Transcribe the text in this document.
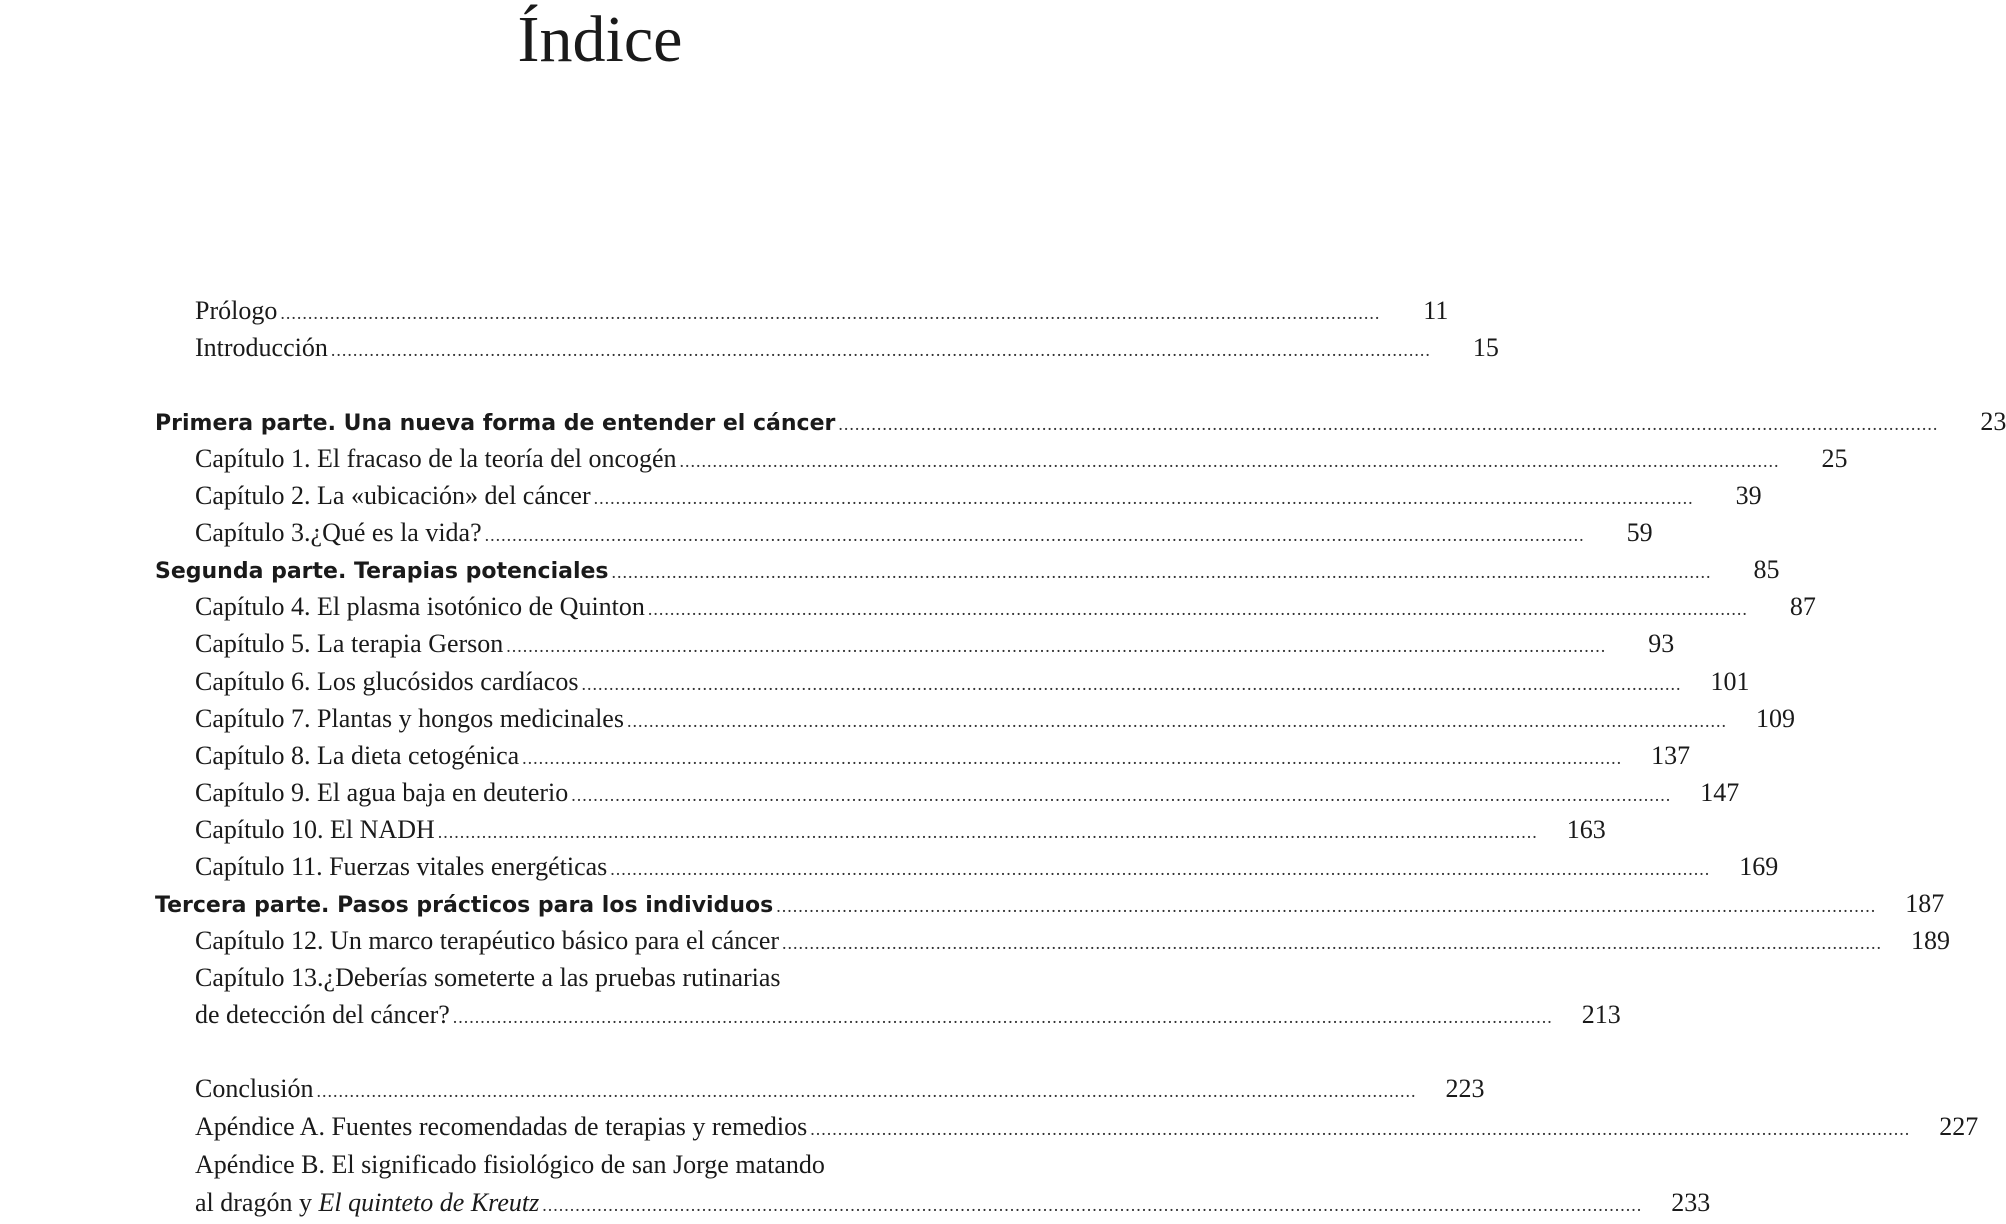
Índice
Prólogo ........................................................................................................................................................................................................	11
Introducción ........................................................................................................................................................................................................	15
Primera parte. Una nueva forma de entender el cáncer ........................................................................................................................................................................................................	23
Capítulo 1. El fracaso de la teoría del oncogén ........................................................................................................................................................................................................	25
Capítulo 2. La «ubicación» del cáncer ........................................................................................................................................................................................................	39
Capítulo 3.¿Qué es la vida? ........................................................................................................................................................................................................	59
Segunda parte. Terapias potenciales ........................................................................................................................................................................................................	85
Capítulo 4. El plasma isotónico de Quinton ........................................................................................................................................................................................................	87
Capítulo 5. La terapia Gerson ........................................................................................................................................................................................................	93
Capítulo 6. Los glucósidos cardíacos ........................................................................................................................................................................................................	101
Capítulo 7. Plantas y hongos medicinales ........................................................................................................................................................................................................	109
Capítulo 8. La dieta cetogénica ........................................................................................................................................................................................................	137
Capítulo 9. El agua baja en deuterio ........................................................................................................................................................................................................	147
Capítulo 10. El NADH ........................................................................................................................................................................................................	163
Capítulo 11. Fuerzas vitales energéticas ........................................................................................................................................................................................................	169
Tercera parte. Pasos prácticos para los individuos ........................................................................................................................................................................................................	187
Capítulo 12. Un marco terapéutico básico para el cáncer ........................................................................................................................................................................................................	189
Capítulo 13.¿Deberías someterte a las pruebas rutinarias
de detección del cáncer? ........................................................................................................................................................................................................	213
Conclusión ........................................................................................................................................................................................................	223
Apéndice A. Fuentes recomendadas de terapias y remedios ........................................................................................................................................................................................................	227
Apéndice B. El significado fisiológico de san Jorge matando
al dragón y El quinteto de Kreutz ........................................................................................................................................................................................................	233
